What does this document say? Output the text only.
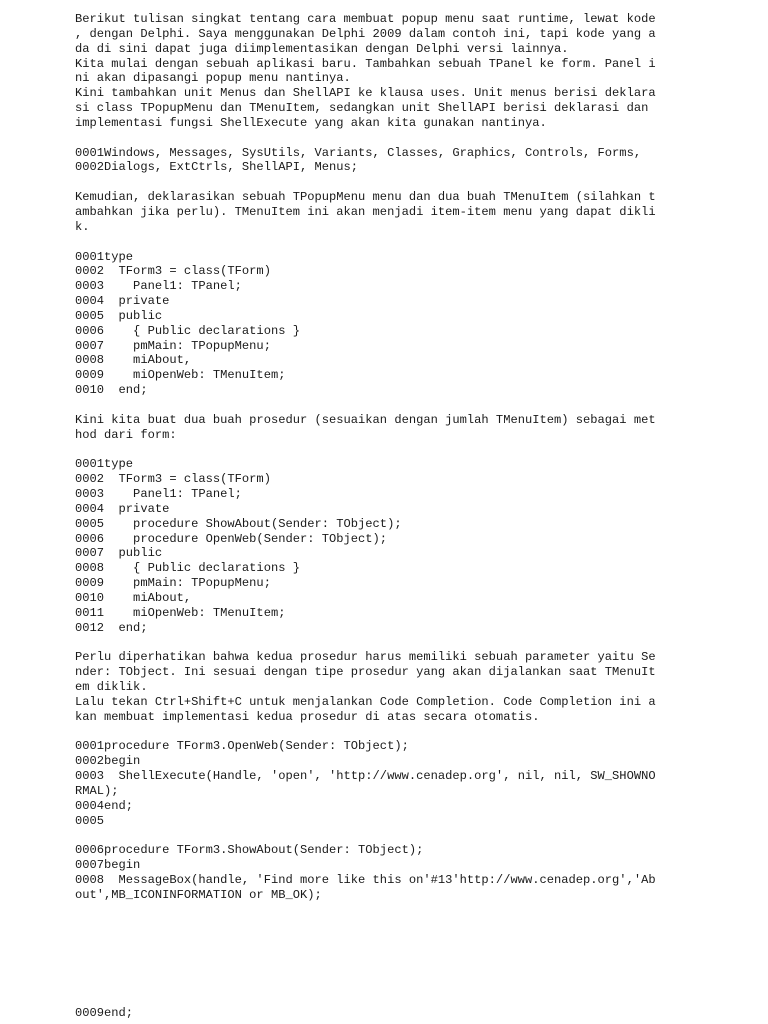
Berikut tulisan singkat tentang cara membuat popup menu saat runtime, lewat kode
, dengan Delphi. Saya menggunakan Delphi 2009 dalam contoh ini, tapi kode yang a
da di sini dapat juga diimplementasikan dengan Delphi versi lainnya.
Kita mulai dengan sebuah aplikasi baru. Tambahkan sebuah TPanel ke form. Panel i
ni akan dipasangi popup menu nantinya.
Kini tambahkan unit Menus dan ShellAPI ke klausa uses. Unit menus berisi deklara
si class TPopupMenu dan TMenuItem, sedangkan unit ShellAPI berisi deklarasi dan
implementasi fungsi ShellExecute yang akan kita gunakan nantinya.
0001Windows, Messages, SysUtils, Variants, Classes, Graphics, Controls, Forms,
0002Dialogs, ExtCtrls, ShellAPI, Menus;
Kemudian, deklarasikan sebuah TPopupMenu menu dan dua buah TMenuItem (silahkan t
ambahkan jika perlu). TMenuItem ini akan menjadi item-item menu yang dapat dikli
k.
0001type
0002  TForm3 = class(TForm)
0003    Panel1: TPanel;
0004  private
0005  public
0006    { Public declarations }
0007    pmMain: TPopupMenu;
0008    miAbout,
0009    miOpenWeb: TMenuItem;
0010  end;
Kini kita buat dua buah prosedur (sesuaikan dengan jumlah TMenuItem) sebagai met
hod dari form:
0001type
0002  TForm3 = class(TForm)
0003    Panel1: TPanel;
0004  private
0005    procedure ShowAbout(Sender: TObject);
0006    procedure OpenWeb(Sender: TObject);
0007  public
0008    { Public declarations }
0009    pmMain: TPopupMenu;
0010    miAbout,
0011    miOpenWeb: TMenuItem;
0012  end;
Perlu diperhatikan bahwa kedua prosedur harus memiliki sebuah parameter yaitu Se
nder: TObject. Ini sesuai dengan tipe prosedur yang akan dijalankan saat TMenuIt
em diklik.
Lalu tekan Ctrl+Shift+C untuk menjalankan Code Completion. Code Completion ini a
kan membuat implementasi kedua prosedur di atas secara otomatis.
0001procedure TForm3.OpenWeb(Sender: TObject);
0002begin
0003  ShellExecute(Handle, 'open', 'http://www.cenadep.org', nil, nil, SW_SHOWNO
RMAL);
0004end;
0005
0006procedure TForm3.ShowAbout(Sender: TObject);
0007begin
0008  MessageBox(handle, 'Find more like this on'#13'http://www.cenadep.org','Ab
out',MB_ICONINFORMATION or MB_OK);
0009end;
